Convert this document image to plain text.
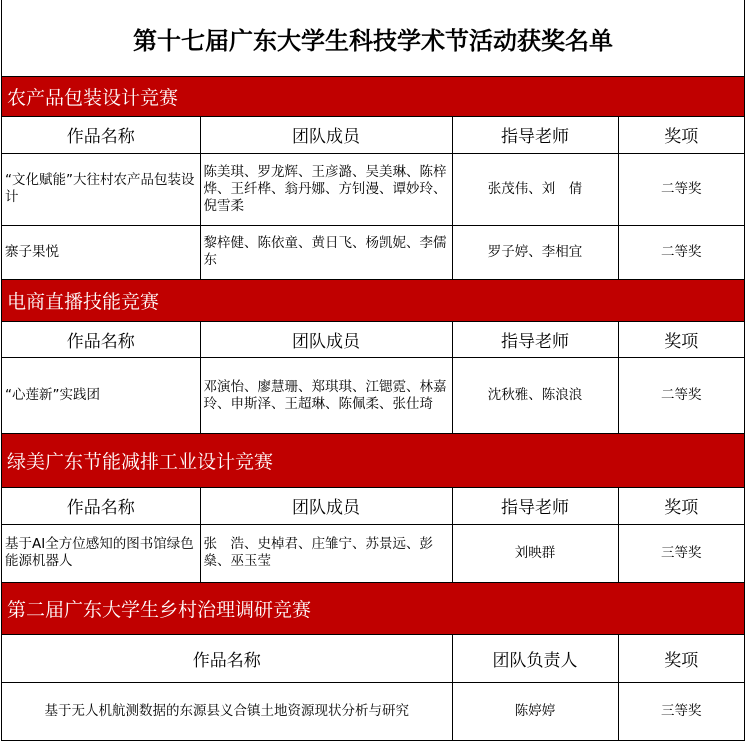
第十七届广东大学生科技学术节活动获奖名单
农产品包装设计竞赛
作品名称	团队成员	指导老师	奖项
“文化赋能”大往村农产品包装设计	陈美琪、罗龙辉、王彦潞、吴美琳、陈梓烨、王纤桦、翁丹娜、方钊漫、谭妙玲、倪雪柔	张茂伟、刘　倩	二等奖
寨子果悦	黎梓健、陈依童、黄日飞、杨凯妮、李儒东	罗子婷、李相宜	二等奖
电商直播技能竞赛
作品名称	团队成员	指导老师	奖项
“心莲新”实践团	邓演怡、廖慧珊、郑琪琪、江锶霓、林嘉玲、申斯泽、王超琳、陈佩柔、张仕琦	沈秋雅、陈浪浪	二等奖
绿美广东节能减排工业设计竞赛
作品名称	团队成员	指导老师	奖项
基于AI全方位感知的图书馆绿色能源机器人	张　浩、史棹君、庄雏宁、苏景远、彭　燊、巫玉莹	刘映群	三等奖
第二届广东大学生乡村治理调研竞赛
作品名称	团队负责人	奖项
基于无人机航测数据的东源县义合镇土地资源现状分析与研究	陈婷婷	三等奖
